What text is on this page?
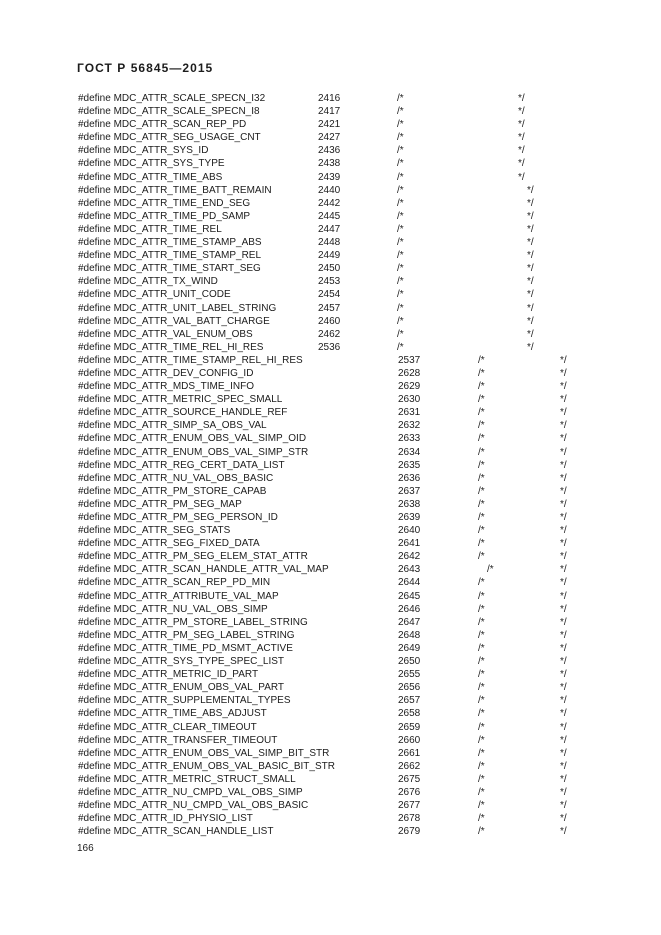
ГОСТ Р 56845—2015
#define MDC_ATTR_SCALE_SPECN_I32	2416	/*	*/
#define MDC_ATTR_SCALE_SPECN_I8	2417	/*	*/
#define MDC_ATTR_SCAN_REP_PD	2421	/*	*/
#define MDC_ATTR_SEG_USAGE_CNT	2427	/*	*/
#define MDC_ATTR_SYS_ID	2436	/*	*/
#define MDC_ATTR_SYS_TYPE	2438	/*	*/
#define MDC_ATTR_TIME_ABS	2439	/*	*/
#define MDC_ATTR_TIME_BATT_REMAIN	2440	/*	*/
#define MDC_ATTR_TIME_END_SEG	2442	/*	*/
#define MDC_ATTR_TIME_PD_SAMP	2445	/*	*/
#define MDC_ATTR_TIME_REL	2447	/*	*/
#define MDC_ATTR_TIME_STAMP_ABS	2448	/*	*/
#define MDC_ATTR_TIME_STAMP_REL	2449	/*	*/
#define MDC_ATTR_TIME_START_SEG	2450	/*	*/
#define MDC_ATTR_TX_WIND	2453	/*	*/
#define MDC_ATTR_UNIT_CODE	2454	/*	*/
#define MDC_ATTR_UNIT_LABEL_STRING	2457	/*	*/
#define MDC_ATTR_VAL_BATT_CHARGE	2460	/*	*/
#define MDC_ATTR_VAL_ENUM_OBS	2462	/*	*/
#define MDC_ATTR_TIME_REL_HI_RES	2536	/*	*/
#define MDC_ATTR_TIME_STAMP_REL_HI_RES	2537	/*	*/
#define MDC_ATTR_DEV_CONFIG_ID	2628	/*	*/
#define MDC_ATTR_MDS_TIME_INFO	2629	/*	*/
#define MDC_ATTR_METRIC_SPEC_SMALL	2630	/*	*/
#define MDC_ATTR_SOURCE_HANDLE_REF	2631	/*	*/
#define MDC_ATTR_SIMP_SA_OBS_VAL	2632	/*	*/
#define MDC_ATTR_ENUM_OBS_VAL_SIMP_OID	2633	/*	*/
#define MDC_ATTR_ENUM_OBS_VAL_SIMP_STR	2634	/*	*/
#define MDC_ATTR_REG_CERT_DATA_LIST	2635	/*	*/
#define MDC_ATTR_NU_VAL_OBS_BASIC	2636	/*	*/
#define MDC_ATTR_PM_STORE_CAPAB	2637	/*	*/
#define MDC_ATTR_PM_SEG_MAP	2638	/*	*/
#define MDC_ATTR_PM_SEG_PERSON_ID	2639	/*	*/
#define MDC_ATTR_SEG_STATS	2640	/*	*/
#define MDC_ATTR_SEG_FIXED_DATA	2641	/*	*/
#define MDC_ATTR_PM_SEG_ELEM_STAT_ATTR	2642	/*	*/
#define MDC_ATTR_SCAN_HANDLE_ATTR_VAL_MAP	2643	/*	*/
#define MDC_ATTR_SCAN_REP_PD_MIN	2644	/*	*/
#define MDC_ATTR_ATTRIBUTE_VAL_MAP	2645	/*	*/
#define MDC_ATTR_NU_VAL_OBS_SIMP	2646	/*	*/
#define MDC_ATTR_PM_STORE_LABEL_STRING	2647	/*	*/
#define MDC_ATTR_PM_SEG_LABEL_STRING	2648	/*	*/
#define MDC_ATTR_TIME_PD_MSMT_ACTIVE	2649	/*	*/
#define MDC_ATTR_SYS_TYPE_SPEC_LIST	2650	/*	*/
#define MDC_ATTR_METRIC_ID_PART	2655	/*	*/
#define MDC_ATTR_ENUM_OBS_VAL_PART	2656	/*	*/
#define MDC_ATTR_SUPPLEMENTAL_TYPES	2657	/*	*/
#define MDC_ATTR_TIME_ABS_ADJUST	2658	/*	*/
#define MDC_ATTR_CLEAR_TIMEOUT	2659	/*	*/
#define MDC_ATTR_TRANSFER_TIMEOUT	2660	/*	*/
#define MDC_ATTR_ENUM_OBS_VAL_SIMP_BIT_STR	2661	/*	*/
#define MDC_ATTR_ENUM_OBS_VAL_BASIC_BIT_STR	2662	/*	*/
#define MDC_ATTR_METRIC_STRUCT_SMALL	2675	/*	*/
#define MDC_ATTR_NU_CMPD_VAL_OBS_SIMP	2676	/*	*/
#define MDC_ATTR_NU_CMPD_VAL_OBS_BASIC	2677	/*	*/
#define MDC_ATTR_ID_PHYSIO_LIST	2678	/*	*/
#define MDC_ATTR_SCAN_HANDLE_LIST	2679	/*	*/
166
